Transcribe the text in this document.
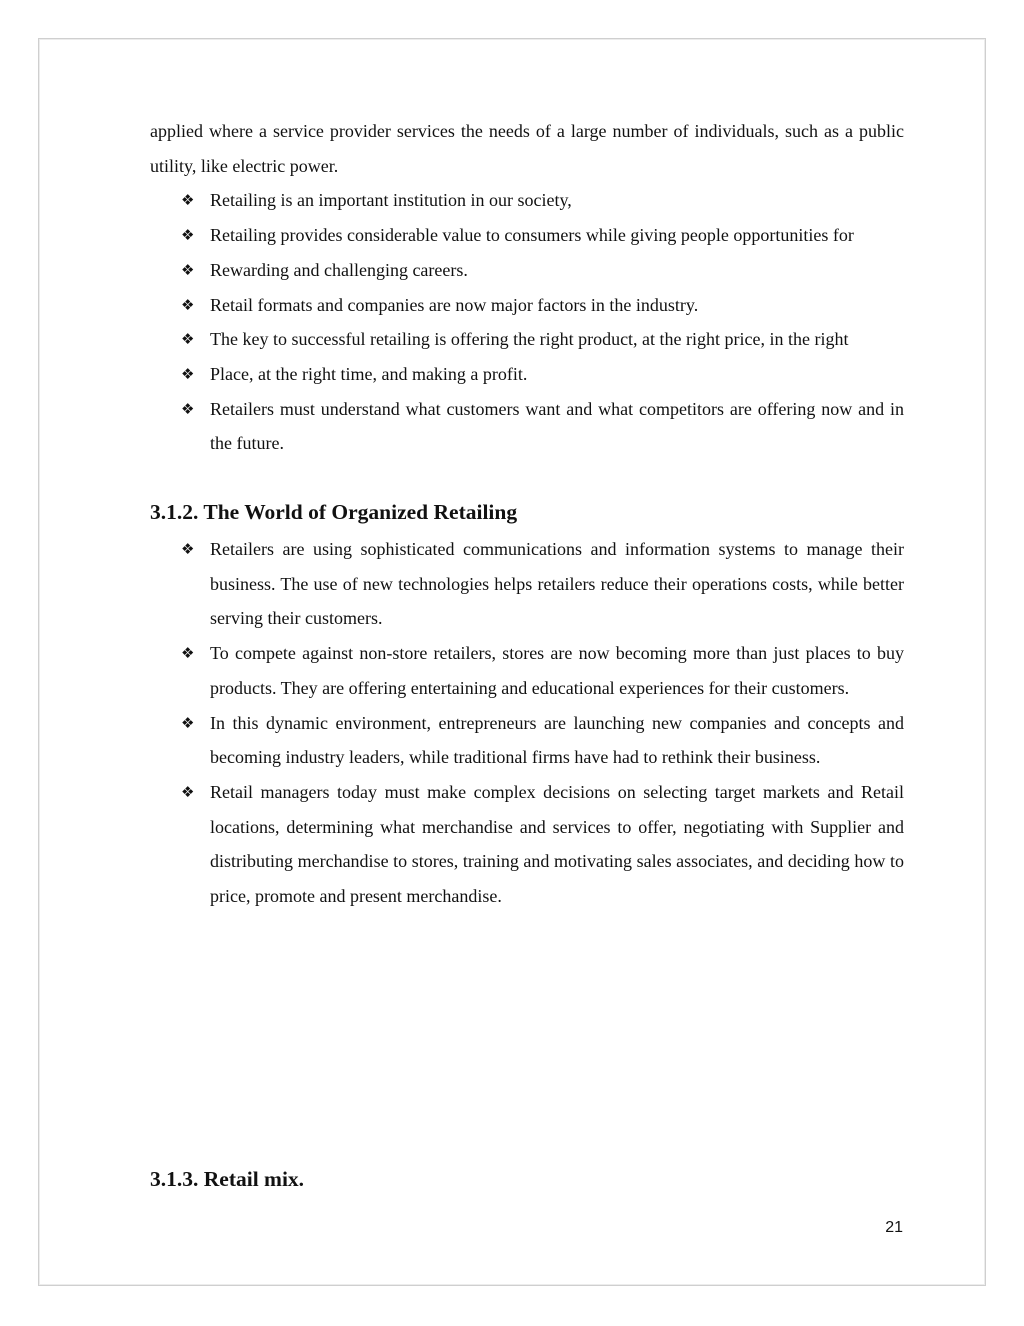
applied where a service provider services the needs of a large number of individuals, such as a public utility, like electric power.

❖ Retailing is an important institution in our society,
❖ Retailing provides considerable value to consumers while giving people opportunities for
❖ Rewarding and challenging careers.
❖ Retail formats and companies are now major factors in the industry.
❖ The key to successful retailing is offering the right product, at the right price, in the right
❖ Place, at the right time, and making a profit.
❖ Retailers must understand what customers want and what competitors are offering now and in the future.
3.1.2. The World of Organized Retailing
❖ Retailers are using sophisticated communications and information systems to manage their business. The use of new technologies helps retailers reduce their operations costs, while better serving their customers.
❖ To compete against non-store retailers, stores are now becoming more than just places to buy products. They are offering entertaining and educational experiences for their customers.
❖ In this dynamic environment, entrepreneurs are launching new companies and concepts and becoming industry leaders, while traditional firms have had to rethink their business.
❖ Retail managers today must make complex decisions on selecting target markets and Retail locations, determining what merchandise and services to offer, negotiating with Supplier and distributing merchandise to stores, training and motivating sales associates, and deciding how to price, promote and present merchandise.
3.1.3. Retail mix.
21
